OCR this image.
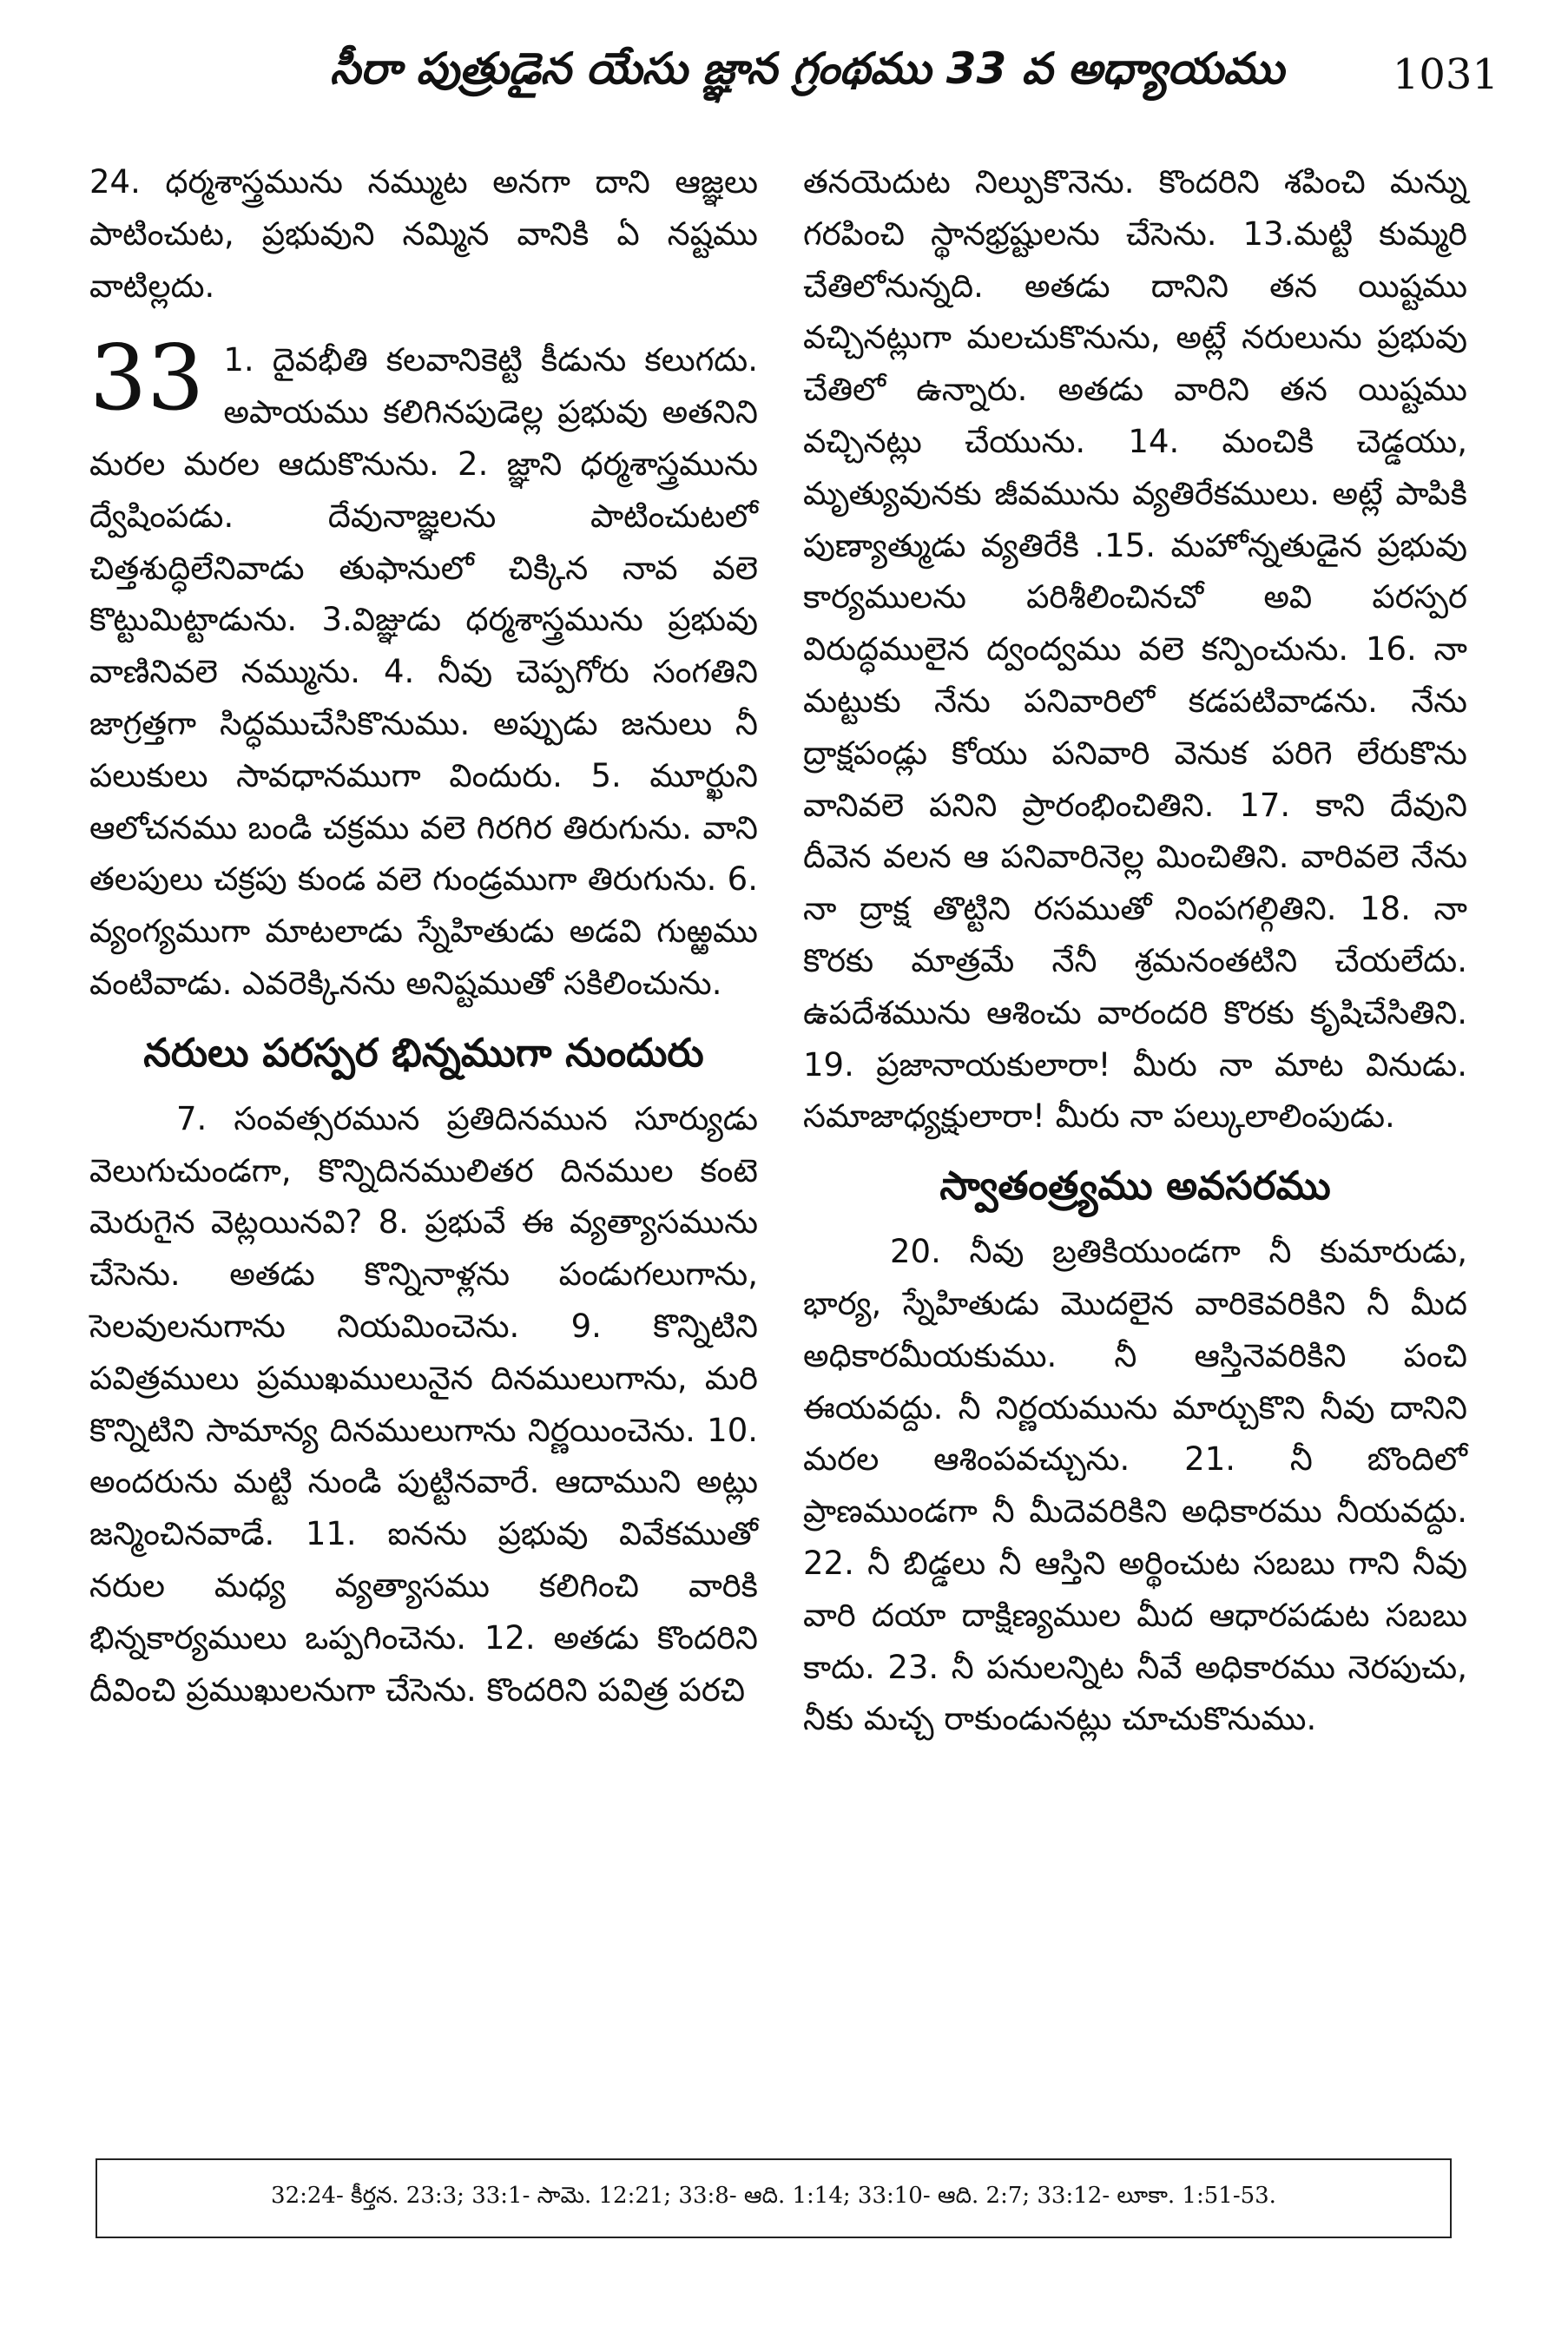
సీరా పుత్రుడైన యేసు జ్ఞాన గ్రంథము 33 వ అధ్యాయము	1031

24. ధర్మశాస్త్రమును నమ్ముట అనగా దాని ఆజ్ఞలు పాటించుట, ప్రభువుని నమ్మిన వానికి ఏ నష్టము వాటిల్లదు.

33 1. దైవభీతి కలవానికెట్టి కీడును కలుగదు. అపాయము కలిగినపుడెల్ల ప్రభువు అతనిని మరల మరల ఆదుకొనును. 2. జ్ఞాని ధర్మశాస్త్రమును ద్వేషింపడు. దేవునాజ్ఞలను పాటించుటలో చిత్తశుద్ధిలేనివాడు తుఫానులో చిక్కిన నావ వలె కొట్టుమిట్టాడును. 3.విజ్ఞుడు ధర్మశాస్త్రమును ప్రభువు వాణినివలె నమ్మును. 4. నీవు చెప్పగోరు సంగతిని జాగ్రత్తగా సిద్ధముచేసికొనుము. అప్పుడు జనులు నీ పలుకులు సావధానముగా విందురు. 5. మూర్ఖుని ఆలోచనము బండి చక్రము వలె గిరగిర తిరుగును. వాని తలపులు చక్రపు కుండ వలె గుండ్రముగా తిరుగును. 6. వ్యంగ్యముగా మాటలాడు స్నేహితుడు అడవి గుఱ్ఱము వంటివాడు. ఎవరెక్కినను అనిష్టముతో సకిలించును.

నరులు పరస్పర భిన్నముగా నుందురు

7. సంవత్సరమున ప్రతిదినమున సూర్యుడు వెలుగుచుండగా, కొన్నిదినములితర దినముల కంటె మెరుగైన వెట్లయినవి? 8. ప్రభువే ఈ వ్యత్యాసమును చేసెను. అతడు కొన్నినాళ్లను పండుగలుగాను, సెలవులనుగాను నియమించెను. 9. కొన్నిటిని పవిత్రములు ప్రముఖములునైన దినములుగాను, మరి కొన్నిటిని సామాన్య దినములుగాను నిర్ణయించెను. 10. అందరును మట్టి నుండి పుట్టినవారే. ఆదాముని అట్లు జన్మించినవాడే. 11. ఐనను ప్రభువు వివేకముతో నరుల మధ్య వ్యత్యాసము కలిగించి వారికి భిన్నకార్యములు ఒప్పగించెను. 12. అతడు కొందరిని దీవించి ప్రముఖులనుగా చేసెను. కొందరిని పవిత్ర పరచి

తనయెదుట నిల్పుకొనెను. కొందరిని శపించి మన్ను గరపించి స్థానభ్రష్టులను చేసెను. 13.మట్టి కుమ్మరి చేతిలోనున్నది. అతడు దానిని తన యిష్టము వచ్చినట్లుగా మలచుకొనును, అట్లే నరులును ప్రభువు చేతిలో ఉన్నారు. అతడు వారిని తన యిష్టము వచ్చినట్లు చేయును. 14. మంచికి చెడ్డయు, మృత్యువునకు జీవమును వ్యతిరేకములు. అట్లే పాపికి పుణ్యాత్ముడు వ్యతిరేకి .15. మహోన్నతుడైన ప్రభువు కార్యములను పరిశీలించినచో అవి పరస్పర విరుద్ధములైన ద్వంద్వము వలె కన్పించును. 16. నా మట్టుకు నేను పనివారిలో కడపటివాడను. నేను ద్రాక్షపండ్లు కోయు పనివారి వెనుక పరిగె లేరుకొను వానివలె పనిని ప్రారంభించితిని. 17. కాని దేవుని దీవెన వలన ఆ పనివారినెల్ల మించితిని. వారివలె నేను నా ద్రాక్ష తొట్టిని రసముతో నింపగల్గితిని. 18. నా కొరకు మాత్రమే నేనీ శ్రమనంతటిని చేయలేదు. ఉపదేశమును ఆశించు వారందరి కొరకు కృషిచేసితిని. 19. ప్రజానాయకులారా! మీరు నా మాట వినుడు. సమాజాధ్యక్షులారా! మీరు నా పల్కులాలింపుడు.

స్వాతంత్ర్యము అవసరము

20. నీవు బ్రతికియుండగా నీ కుమారుడు, భార్య, స్నేహితుడు మొదలైన వారికెవరికిని నీ మీద అధికారమీయకుము. నీ ఆస్తినెవరికిని పంచి ఈయవద్దు. నీ నిర్ణయమును మార్చుకొని నీవు దానిని మరల ఆశింపవచ్చును. 21. నీ బొందిలో ప్రాణముండగా నీ మీదెవరికిని అధికారము నీయవద్దు. 22. నీ బిడ్డలు నీ ఆస్తిని అర్థించుట సబబు గాని నీవు వారి దయా దాక్షిణ్యముల మీద ఆధారపడుట సబబు కాదు. 23. నీ పనులన్నిట నీవే అధికారము నెరపుచు, నీకు మచ్చ రాకుండునట్లు చూచుకొనుము.

32:24- కీర్తన. 23:3; 33:1- సామె. 12:21; 33:8- ఆది. 1:14; 33:10- ఆది. 2:7; 33:12- లూకా. 1:51-53.
